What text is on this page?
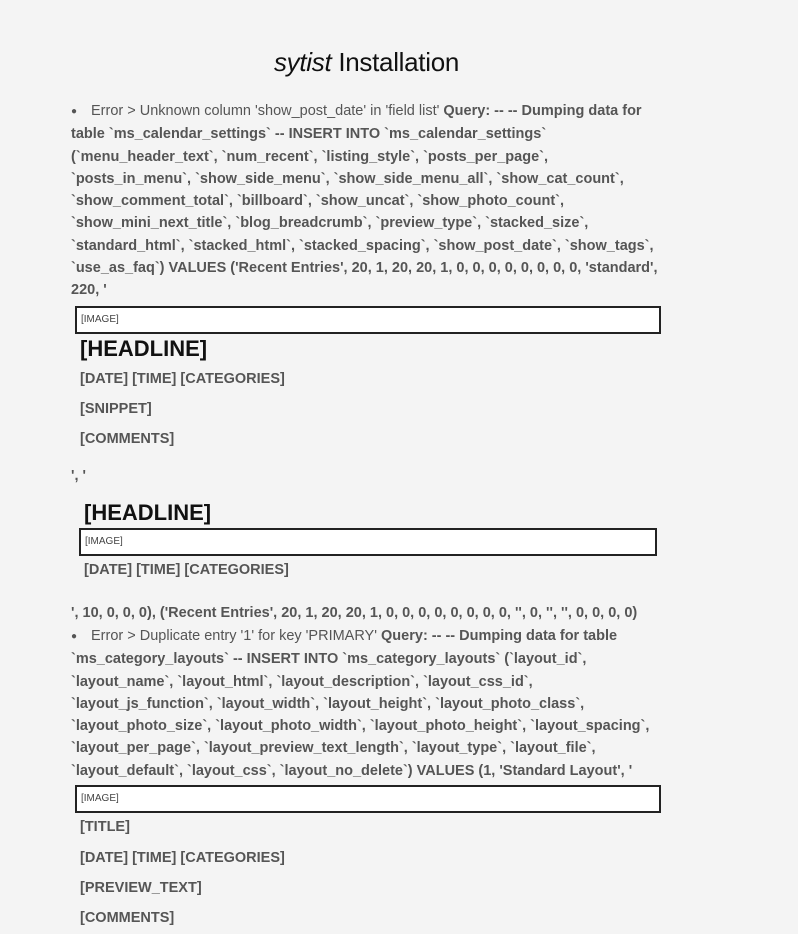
sytist Installation
● Error > Unknown column 'show_post_date' in 'field list' Query: -- -- Dumping data for table `ms_calendar_settings` -- INSERT INTO `ms_calendar_settings` (`menu_header_text`, `num_recent`, `listing_style`, `posts_per_page`, `posts_in_menu`, `show_side_menu`, `show_side_menu_all`, `show_cat_count`, `show_comment_total`, `billboard`, `show_uncat`, `show_photo_count`, `show_mini_next_title`, `blog_breadcrumb`, `preview_type`, `stacked_size`, `standard_html`, `stacked_html`, `stacked_spacing`, `show_post_date`, `show_tags`, `use_as_faq`) VALUES ('Recent Entries', 20, 1, 20, 20, 1, 0, 0, 0, 0, 0, 0, 0, 0, 'standard', 220, '
[IMAGE]
[HEADLINE]
[DATE] [TIME] [CATEGORIES]
[SNIPPET]
[COMMENTS]
', '
[HEADLINE]
[IMAGE]
[DATE] [TIME] [CATEGORIES]
', 10, 0, 0, 0), ('Recent Entries', 20, 1, 20, 20, 1, 0, 0, 0, 0, 0, 0, 0, 0, '', 0, '', '', 0, 0, 0, 0)
● Error > Duplicate entry '1' for key 'PRIMARY' Query: -- -- Dumping data for table `ms_category_layouts` -- INSERT INTO `ms_category_layouts` (`layout_id`, `layout_name`, `layout_html`, `layout_description`, `layout_css_id`, `layout_js_function`, `layout_width`, `layout_height`, `layout_photo_class`, `layout_photo_size`, `layout_photo_width`, `layout_photo_height`, `layout_spacing`, `layout_per_page`, `layout_preview_text_length`, `layout_type`, `layout_file`, `layout_default`, `layout_css`, `layout_no_delete`) VALUES (1, 'Standard Layout', '
[IMAGE]
[TITLE]
[DATE] [TIME] [CATEGORIES]
[PREVIEW_TEXT]
[COMMENTS]
